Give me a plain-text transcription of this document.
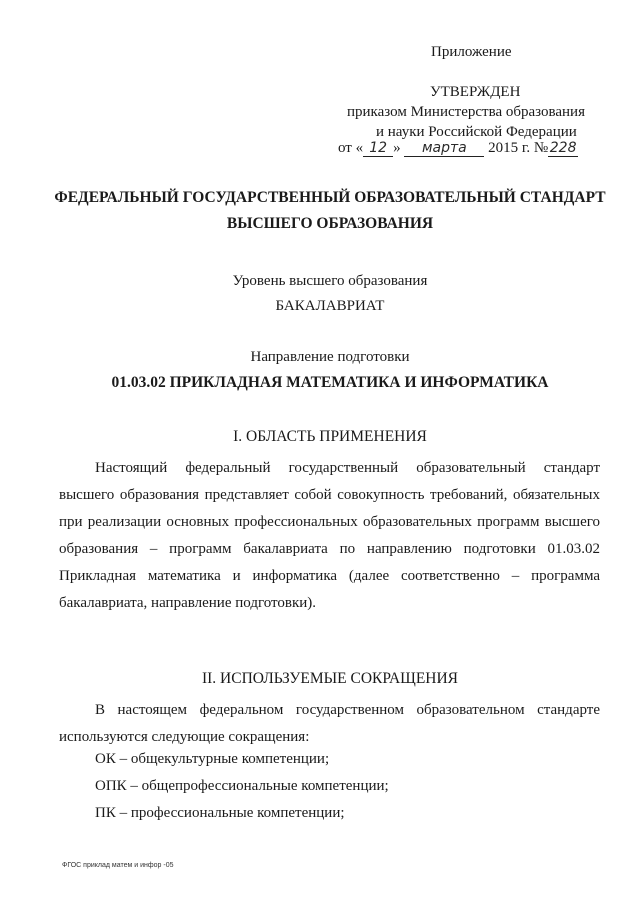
Приложение
УТВЕРЖДЕН
приказом Министерства образования
и науки Российской Федерации
от « 12 » марта 2015 г. № 228
ФЕДЕРАЛЬНЫЙ ГОСУДАРСТВЕННЫЙ ОБРАЗОВАТЕЛЬНЫЙ СТАНДАРТ
ВЫСШЕГО ОБРАЗОВАНИЯ
Уровень высшего образования
БАКАЛАВРИАТ
Направление подготовки
01.03.02 ПРИКЛАДНАЯ МАТЕМАТИКА И ИНФОРМАТИКА
I. ОБЛАСТЬ ПРИМЕНЕНИЯ

Настоящий федеральный государственный образовательный стандарт высшего образования представляет собой совокупность требований, обязательных при реализации основных профессиональных образовательных программ высшего образования – программ бакалавриата по направлению подготовки 01.03.02 Прикладная математика и информатика (далее соответственно – программа бакалавриата, направление подготовки).

II. ИСПОЛЬЗУЕМЫЕ СОКРАЩЕНИЯ

В настоящем федеральном государственном образовательном стандарте используются следующие сокращения:

ОК – общекультурные компетенции;
ОПК – общепрофессиональные компетенции;
ПК – профессиональные компетенции;
ФГОС приклад матем и инфор -05
